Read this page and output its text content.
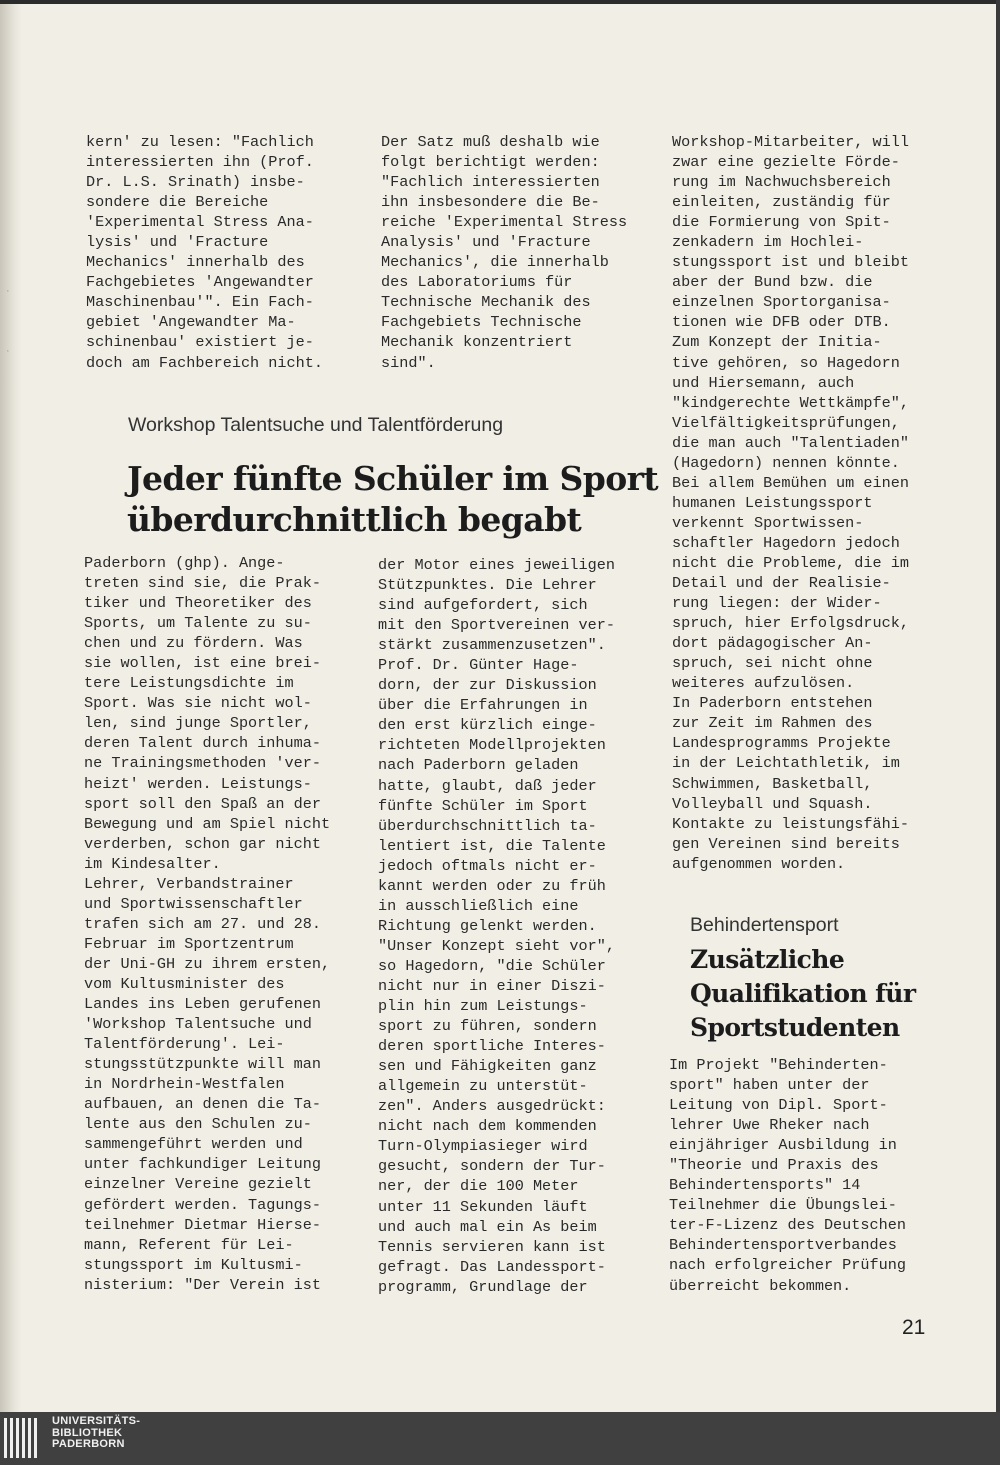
·
·

kern' zu lesen: "Fachlich
interessierten ihn (Prof.
Dr. L.S. Srinath) insbe-
sondere die Bereiche
'Experimental Stress Ana-
lysis' und 'Fracture
Mechanics' innerhalb des
Fachgebietes 'Angewandter
Maschinenbau'". Ein Fach-
gebiet 'Angewandter Ma-
schinenbau' existiert je-
doch am Fachbereich nicht.

Der Satz muß deshalb wie
folgt berichtigt werden:
"Fachlich interessierten
ihn insbesondere die Be-
reiche 'Experimental Stress
Analysis' und 'Fracture
Mechanics', die innerhalb
des Laboratoriums für
Technische Mechanik des
Fachgebiets Technische
Mechanik konzentriert
sind".

Workshop Talentsuche und Talentförderung
Jeder fünfte Schüler im Sport
überdurchnittlich begabt

Paderborn (ghp). Ange-
treten sind sie, die Prak-
tiker und Theoretiker des
Sports, um Talente zu su-
chen und zu fördern. Was
sie wollen, ist eine brei-
tere Leistungsdichte im
Sport. Was sie nicht wol-
len, sind junge Sportler,
deren Talent durch inhuma-
ne Trainingsmethoden 'ver-
heizt' werden. Leistungs-
sport soll den Spaß an der
Bewegung und am Spiel nicht
verderben, schon gar nicht
im Kindesalter.
Lehrer, Verbandstrainer
und Sportwissenschaftler
trafen sich am 27. und 28.
Februar im Sportzentrum
der Uni-GH zu ihrem ersten,
vom Kultusminister des
Landes ins Leben gerufenen
'Workshop Talentsuche und
Talentförderung'. Lei-
stungsstützpunkte will man
in Nordrhein-Westfalen
aufbauen, an denen die Ta-
lente aus den Schulen zu-
sammengeführt werden und
unter fachkundiger Leitung
einzelner Vereine gezielt
gefördert werden. Tagungs-
teilnehmer Dietmar Hierse-
mann, Referent für Lei-
stungssport im Kultusmi-
nisterium: "Der Verein ist

der Motor eines jeweiligen
Stützpunktes. Die Lehrer
sind aufgefordert, sich
mit den Sportvereinen ver-
stärkt zusammenzusetzen".
Prof. Dr. Günter Hage-
dorn, der zur Diskussion
über die Erfahrungen in
den erst kürzlich einge-
richteten Modellprojekten
nach Paderborn geladen
hatte, glaubt, daß jeder
fünfte Schüler im Sport
überdurchschnittlich ta-
lentiert ist, die Talente
jedoch oftmals nicht er-
kannt werden oder zu früh
in ausschließlich eine
Richtung gelenkt werden.
"Unser Konzept sieht vor",
so Hagedorn, "die Schüler
nicht nur in einer Diszi-
plin hin zum Leistungs-
sport zu führen, sondern
deren sportliche Interes-
sen und Fähigkeiten ganz
allgemein zu unterstüt-
zen". Anders ausgedrückt:
nicht nach dem kommenden
Turn-Olympiasieger wird
gesucht, sondern der Tur-
ner, der die 100 Meter
unter 11 Sekunden läuft
und auch mal ein As beim
Tennis servieren kann ist
gefragt. Das Landessport-
programm, Grundlage der

Workshop-Mitarbeiter, will
zwar eine gezielte Förde-
rung im Nachwuchsbereich
einleiten, zuständig für
die Formierung von Spit-
zenkadern im Hochlei-
stungssport ist und bleibt
aber der Bund bzw. die
einzelnen Sportorganisa-
tionen wie DFB oder DTB.
Zum Konzept der Initia-
tive gehören, so Hagedorn
und Hiersemann, auch
"kindgerechte Wettkämpfe",
Vielfältigkeitsprüfungen,
die man auch "Talentiaden"
(Hagedorn) nennen könnte.
Bei allem Bemühen um einen
humanen Leistungssport
verkennt Sportwissen-
schaftler Hagedorn jedoch
nicht die Probleme, die im
Detail und der Realisie-
rung liegen: der Wider-
spruch, hier Erfolgsdruck,
dort pädagogischer An-
spruch, sei nicht ohne
weiteres aufzulösen.
In Paderborn entstehen
zur Zeit im Rahmen des
Landesprogramms Projekte
in der Leichtathletik, im
Schwimmen, Basketball,
Volleyball und Squash.
Kontakte zu leistungsfähi-
gen Vereinen sind bereits
aufgenommen worden.

Behindertensport
Zusätzliche
Qualifikation für
Sportstudenten

Im Projekt "Behinderten-
sport" haben unter der
Leitung von Dipl. Sport-
lehrer Uwe Rheker nach
einjähriger Ausbildung in
"Theorie und Praxis des
Behindertensports" 14
Teilnehmer die Übungslei-
ter-F-Lizenz des Deutschen
Behindertensportverbandes
nach erfolgreicher Prüfung
überreicht bekommen.

21

UNIVERSITÄTS-
BIBLIOTHEK
PADERBORN
